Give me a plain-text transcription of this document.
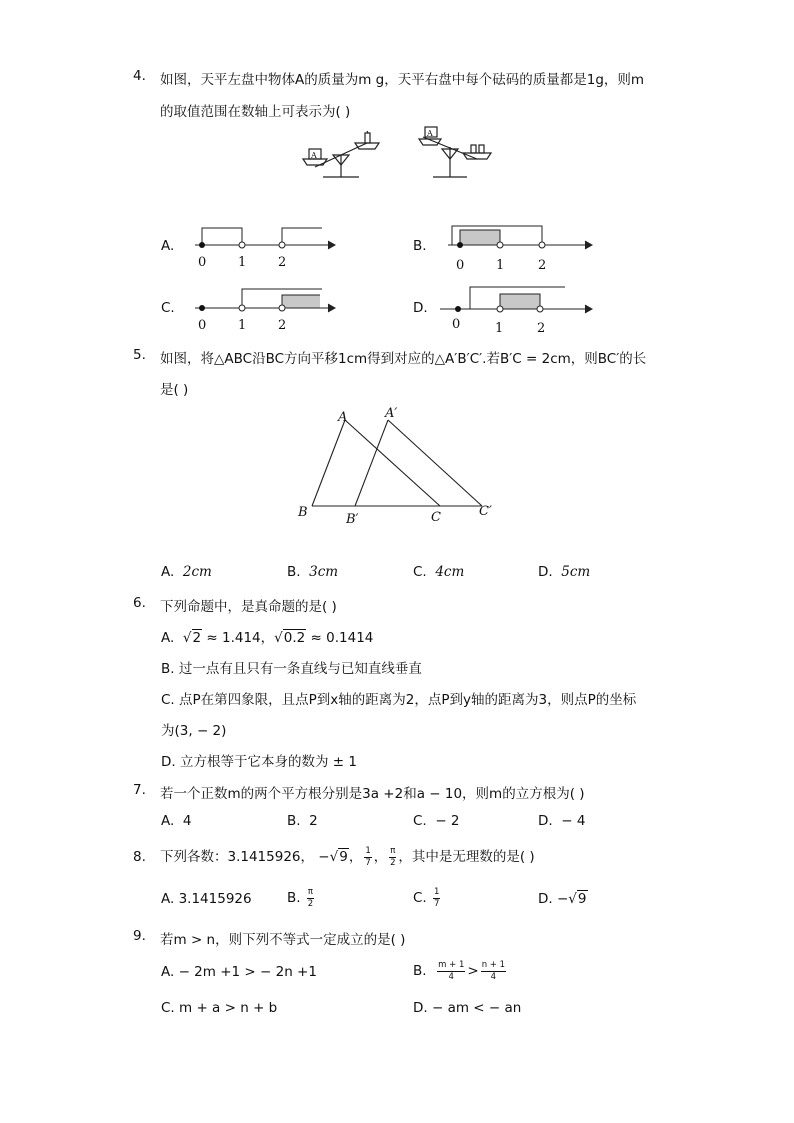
4. 如图，天平左盘中物体A的质量为m g，天平右盘中每个砝码的质量都是1g，则m
的取值范围在数轴上可表示为( )
A
A
A.
0 1 2
B.
0 1	2
C.
0 1 2
D.
0	1	2
5. 如图，将△ABC沿BC方向平移1cm得到对应的△A′B′C′.若B′C = 2cm，则BC′的长
是( )
A	A′
B	B′	C	C′
A. 2cm	B. 3cm	C. 4cm	D. 5cm
6. 下列命题中，是真命题的是( )
A. √2 ≈ 1.414，√0.2 ≈ 0.1414
B. 过一点有且只有一条直线与已知直线垂直
C. 点P在第四象限，且点P到x轴的距离为2，点P到y轴的距离为3，则点P的坐标
为(3, − 2)
D. 立方根等于它本身的数为 ± 1
7. 若一个正数m的两个平方根分别是3a +2和a − 10，则m的立方根为( )
A. 4	B. 2	C. − 2	D. − 4
8. 下列各数：3.1415926， −√9， $\frac{1}{7}$ ， $\frac{\pi}{2}$ ，其中是无理数的是( )
A. 3.1415926	B. $\frac{\pi}{2}$	C. $\frac{1}{7}$	D. −√9
9. 若m > n，则下列不等式一定成立的是( )
A. − 2m +1 > − 2n +1	B. $\frac{m + 1}{4} > \frac{n + 1}{4}$
C. m + a > n + b	D. − am < − an
